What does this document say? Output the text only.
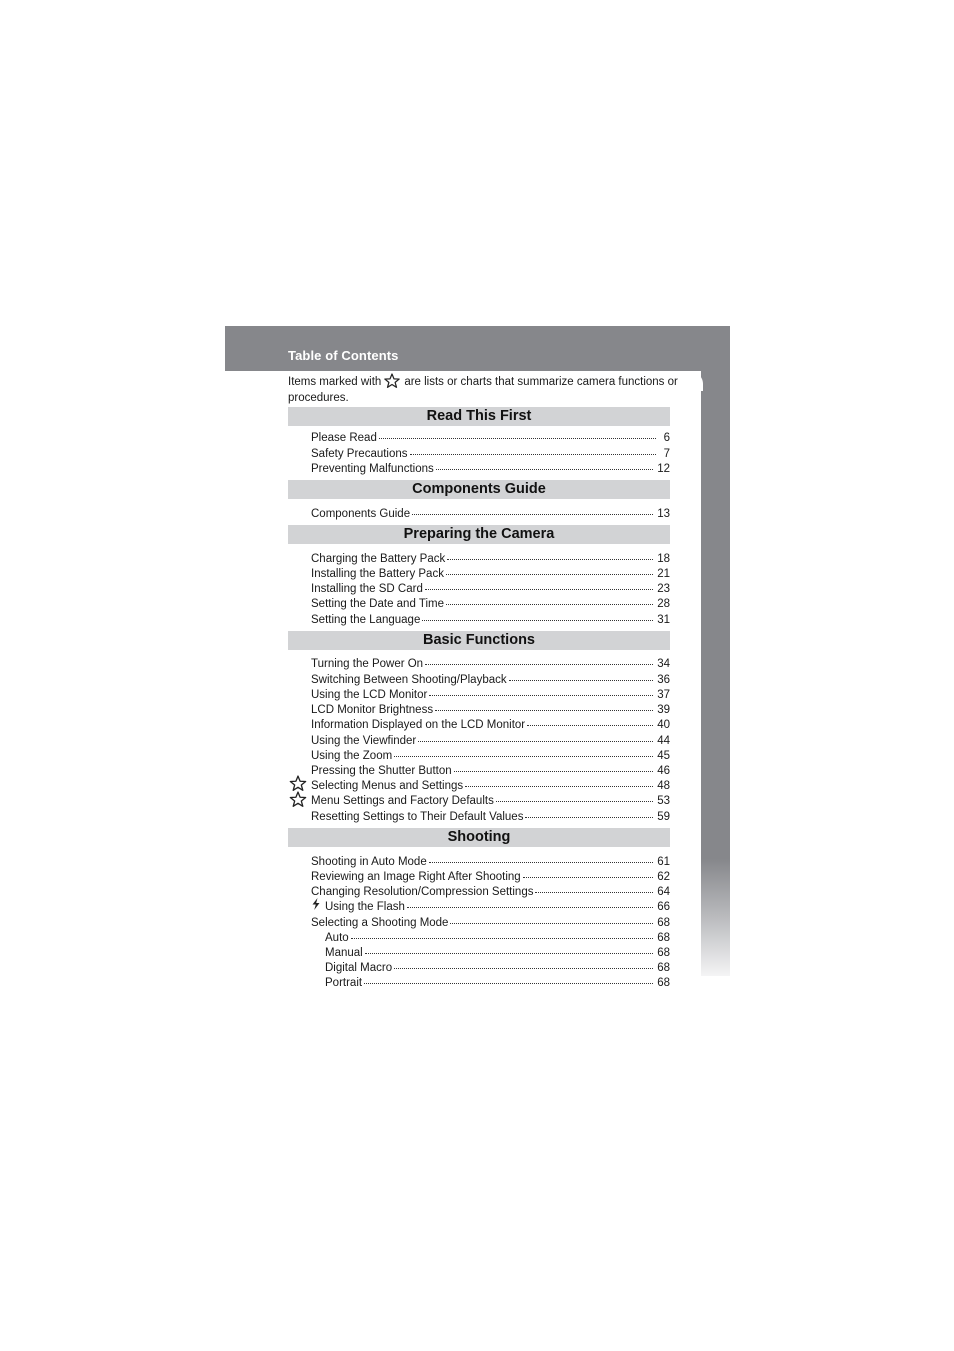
Table of Contents
Items marked with are lists or charts that summarize camera functions or procedures.
Read This First
Please Read	6
Safety Precautions	7
Preventing Malfunctions	12
Components Guide
Components Guide	13
Preparing the Camera
Charging the Battery Pack	18
Installing the Battery Pack	21
Installing the SD Card	23
Setting the Date and Time	28
Setting the Language	31
Basic Functions
Turning the Power On	34
Switching Between Shooting/Playback	36
Using the LCD Monitor	37
LCD Monitor Brightness	39
Information Displayed on the LCD Monitor	40
Using the Viewfinder	44
Using the Zoom	45
Pressing the Shutter Button	46
Selecting Menus and Settings	48
Menu Settings and Factory Defaults	53
Resetting Settings to Their Default Values	59
Shooting
Shooting in Auto Mode	61
Reviewing an Image Right After Shooting	62
Changing Resolution/Compression Settings	64
Using the Flash	66
Selecting a Shooting Mode	68
Auto	68
Manual	68
Digital Macro	68
Portrait	68
